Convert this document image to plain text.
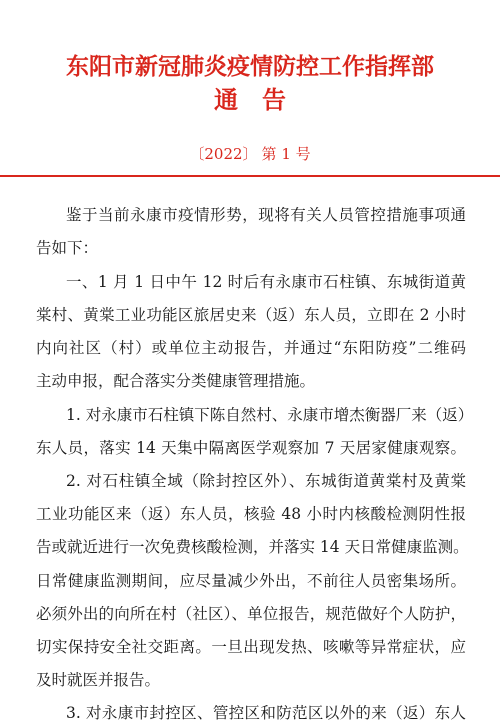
东阳市新冠肺炎疫情防控工作指挥部
通告
〔2022〕 第 1 号
鉴于当前永康市疫情形势，现将有关人员管控措施事项通
告如下：
一、1 月 1 日中午 12 时后有永康市石柱镇、东城街道黄
棠村、黄棠工业功能区旅居史来（返）东人员，立即在 2 小时
内向社区（村）或单位主动报告，并通过“东阳防疫”二维码
主动申报，配合落实分类健康管理措施。
1. 对永康市石柱镇下陈自然村、永康市增杰衡器厂来（返）
东人员，落实 14 天集中隔离医学观察加 7 天居家健康观察。
2. 对石柱镇全域（除封控区外）、东城街道黄棠村及黄棠
工业功能区来（返）东人员，核验 48 小时内核酸检测阴性报
告或就近进行一次免费核酸检测，并落实 14 天日常健康监测。
日常健康监测期间，应尽量减少外出，不前往人员密集场所。
必须外出的向所在村（社区）、单位报告，规范做好个人防护，
切实保持安全社交距离。一旦出现发热、咳嗽等异常症状，应
及时就医并报告。
3. 对永康市封控区、管控区和防范区以外的来（返）东人
